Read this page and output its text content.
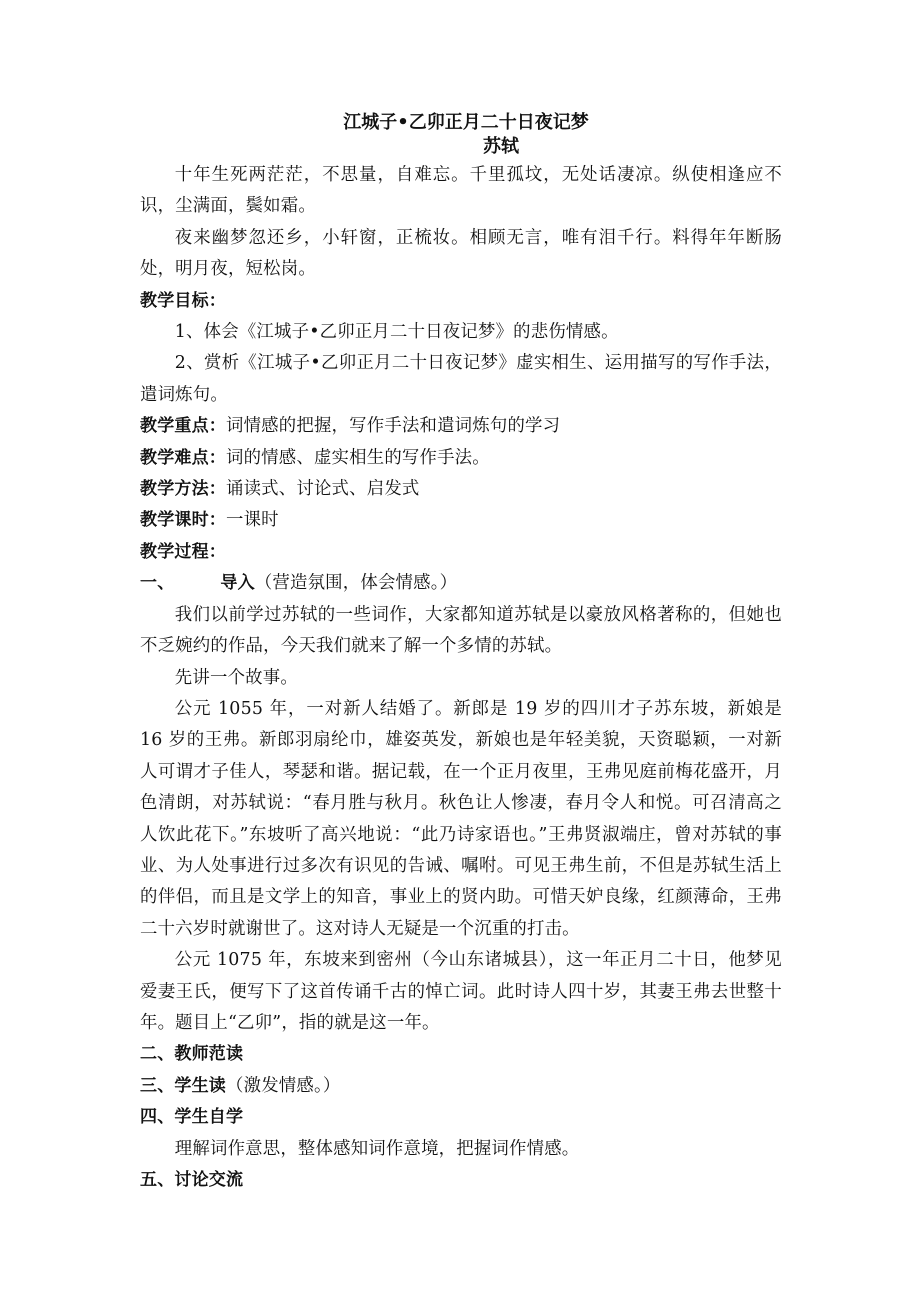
江城子•乙卯正月二十日夜记梦
苏轼

十年生死两茫茫，不思量，自难忘。千里孤坟，无处话凄凉。纵使相逢应不识，尘满面，鬓如霜。

夜来幽梦忽还乡，小轩窗，正梳妆。相顾无言，唯有泪千行。料得年年断肠处，明月夜，短松岗。

教学目标：

1、体会《江城子•乙卯正月二十日夜记梦》的悲伤情感。

2、赏析《江城子•乙卯正月二十日夜记梦》虚实相生、运用描写的写作手法，遣词炼句。

教学重点：词情感的把握，写作手法和遣词炼句的学习

教学难点：词的情感、虚实相生的写作手法。

教学方法：诵读式、讨论式、启发式

教学课时：一课时

教学过程：

一、	导入（营造氛围，体会情感。）

我们以前学过苏轼的一些词作，大家都知道苏轼是以豪放风格著称的，但她也不乏婉约的作品，今天我们就来了解一个多情的苏轼。

先讲一个故事。

公元 1055 年，一对新人结婚了。新郎是 19 岁的四川才子苏东坡，新娘是 16 岁的王弗。新郎羽扇纶巾，雄姿英发，新娘也是年轻美貌，天资聪颖，一对新人可谓才子佳人，琴瑟和谐。据记载，在一个正月夜里，王弗见庭前梅花盛开，月色清朗，对苏轼说：“春月胜与秋月。秋色让人惨凄，春月令人和悦。可召清高之人饮此花下。”东坡听了高兴地说：“此乃诗家语也。”王弗贤淑端庄，曾对苏轼的事业、为人处事进行过多次有识见的告诫、嘱咐。可见王弗生前，不但是苏轼生活上的伴侣，而且是文学上的知音，事业上的贤内助。可惜天妒良缘，红颜薄命，王弗二十六岁时就谢世了。这对诗人无疑是一个沉重的打击。

公元 1075 年，东坡来到密州（今山东诸城县），这一年正月二十日，他梦见爱妻王氏，便写下了这首传诵千古的悼亡词。此时诗人四十岁，其妻王弗去世整十年。题目上“乙卯”，指的就是这一年。

二、教师范读

三、学生读（激发情感。）

四、学生自学

理解词作意思，整体感知词作意境，把握词作情感。

五、讨论交流
